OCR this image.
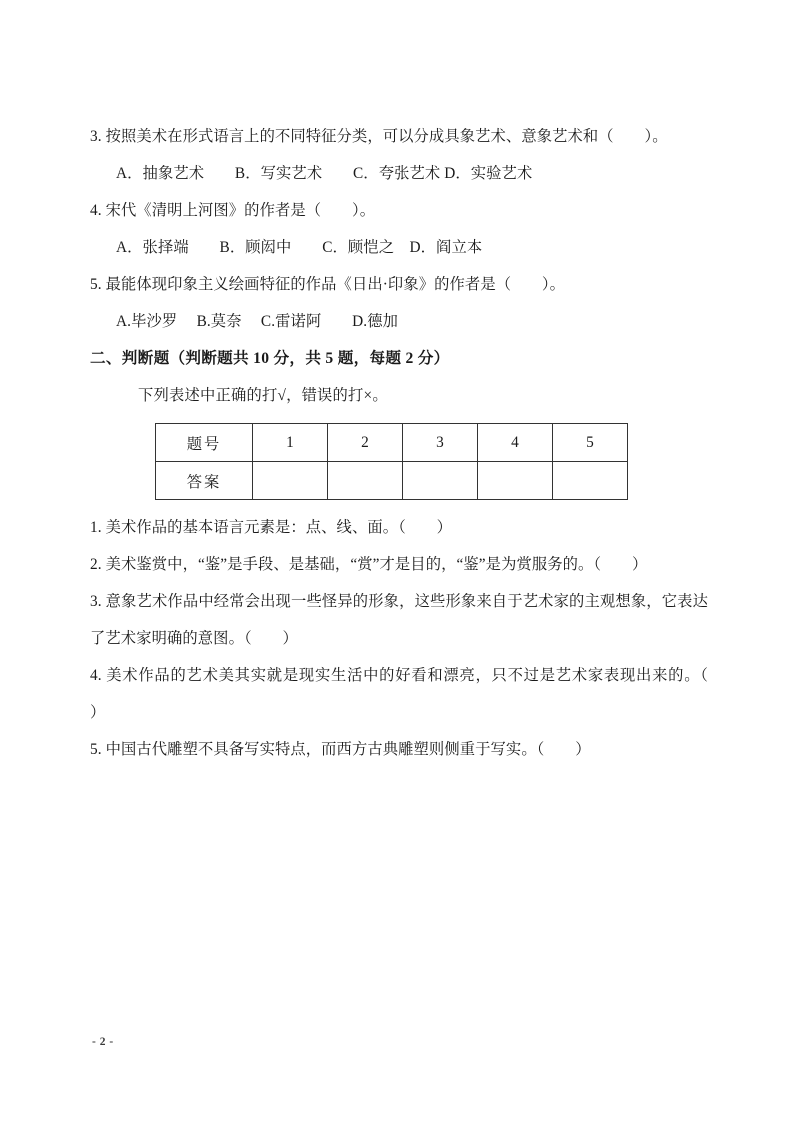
3. 按照美术在形式语言上的不同特征分类，可以分成具象艺术、意象艺术和（　　）。

A．抽象艺术　　B．写实艺术　　C．夸张艺术 D．实验艺术

4. 宋代《清明上河图》的作者是（　　）。

A．张择端　　B．顾闳中　　C．顾恺之　D．阎立本

5. 最能体现印象主义绘画特征的作品《日出·印象》的作者是（　　）。

A.毕沙罗　 B.莫奈　 C.雷诺阿　　D.德加

二、判断题（判断题共 10 分，共 5 题，每题 2 分）

下列表述中正确的打√，错误的打×。

题号	1	2	3	4	5
答案					

1. 美术作品的基本语言元素是：点、线、面。（　　）

2. 美术鉴赏中，“鉴”是手段、是基础，“赏”才是目的，“鉴”是为赏服务的。（　　）

3. 意象艺术作品中经常会出现一些怪异的形象，这些形象来自于艺术家的主观想象，它表达了艺术家明确的意图。（　　）

4. 美术作品的艺术美其实就是现实生活中的好看和漂亮，只不过是艺术家表现出来的。（　　）

5. 中国古代雕塑不具备写实特点，而西方古典雕塑则侧重于写实。（　　）

- 2 -
